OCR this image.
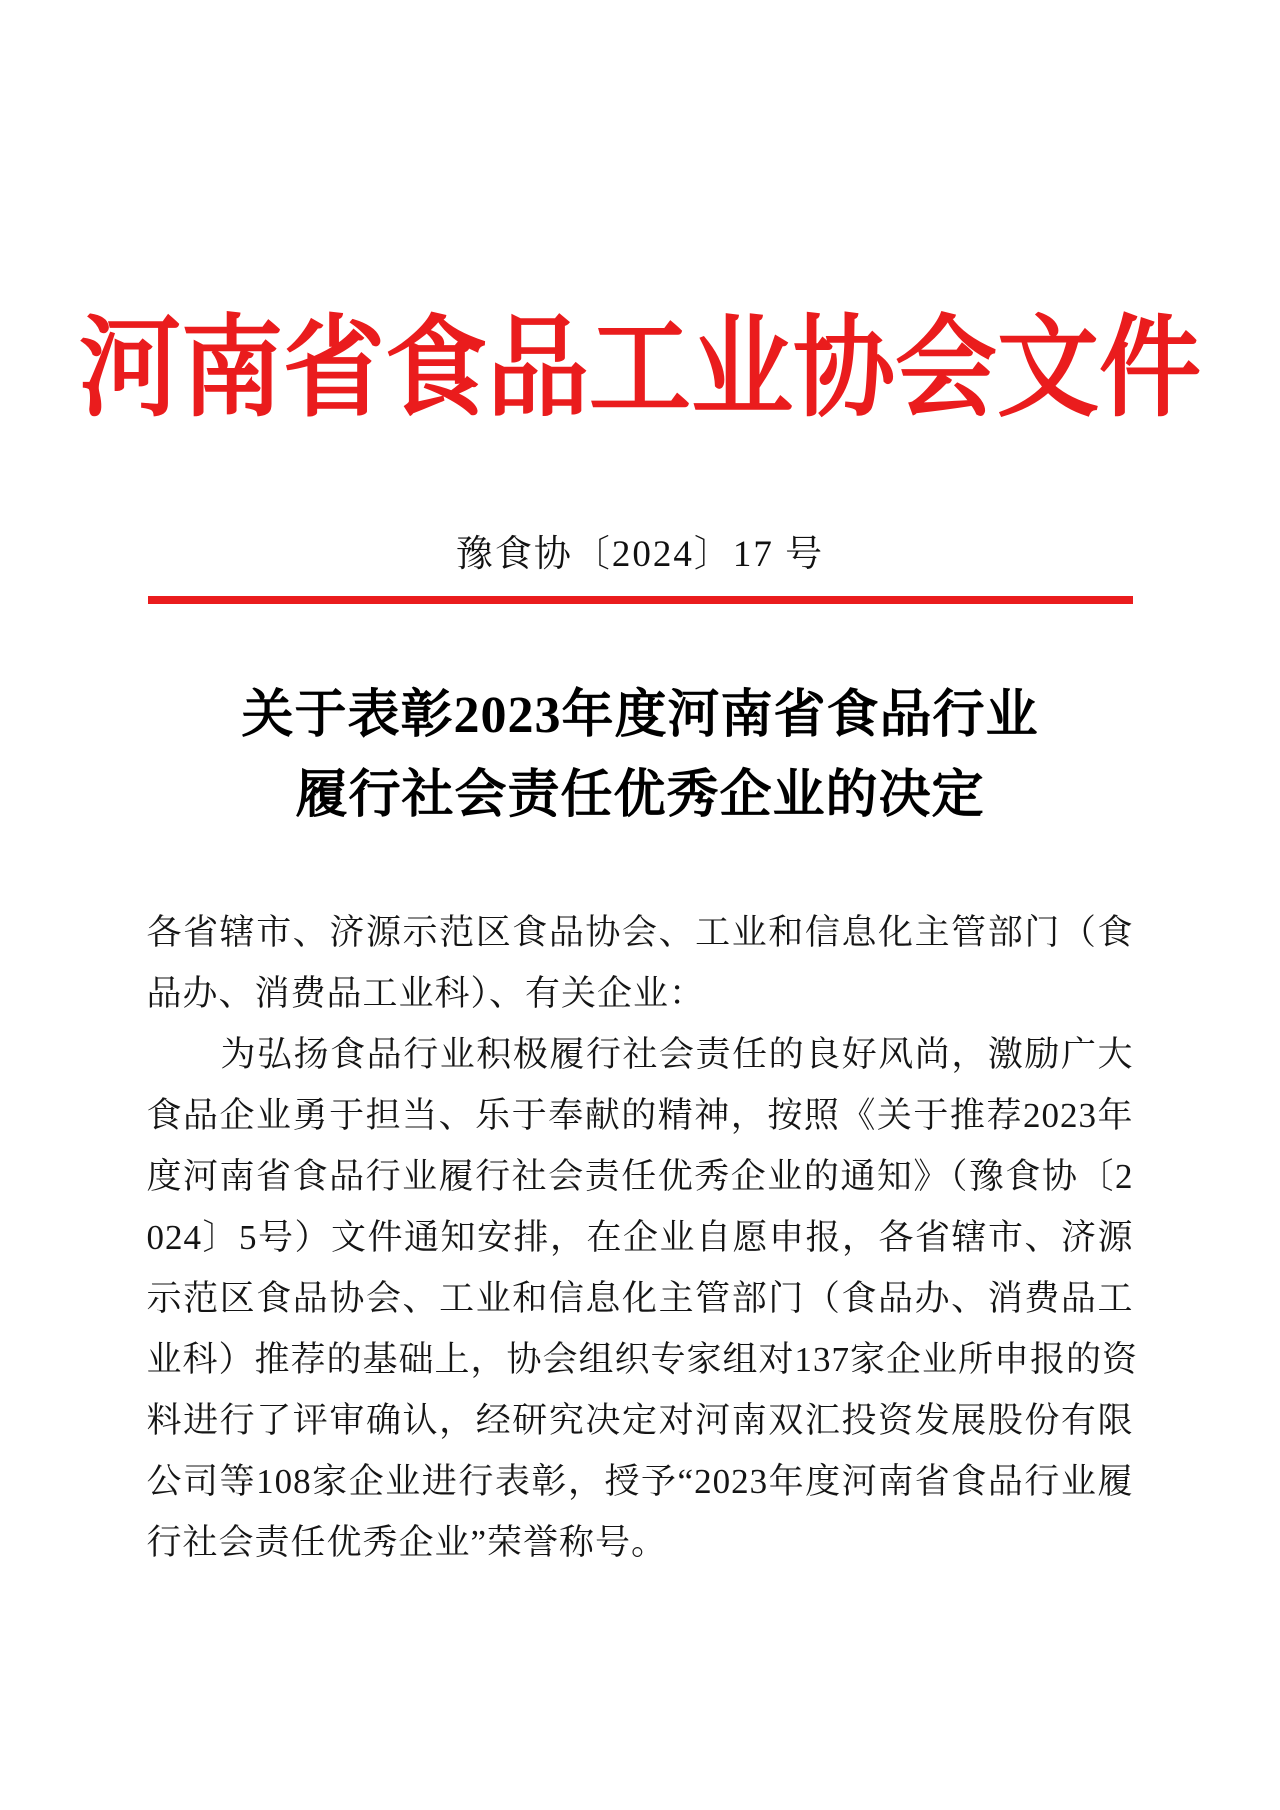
河南省食品工业协会文件
豫食协〔2024〕17 号
关于表彰2023年度河南省食品行业
履行社会责任优秀企业的决定
各省辖市、济源示范区食品协会、工业和信息化主管部门（食
品办、消费品工业科）、有关企业：
为弘扬食品行业积极履行社会责任的良好风尚，激励广大
食品企业勇于担当、乐于奉献的精神，按照《关于推荐2023年
度河南省食品行业履行社会责任优秀企业的通知》（豫食协〔2
024〕5号）文件通知安排，在企业自愿申报，各省辖市、济源
示范区食品协会、工业和信息化主管部门（食品办、消费品工
业科）推荐的基础上，协会组织专家组对137家企业所申报的资
料进行了评审确认，经研究决定对河南双汇投资发展股份有限
公司等108家企业进行表彰，授予“2023年度河南省食品行业履
行社会责任优秀企业”荣誉称号。
